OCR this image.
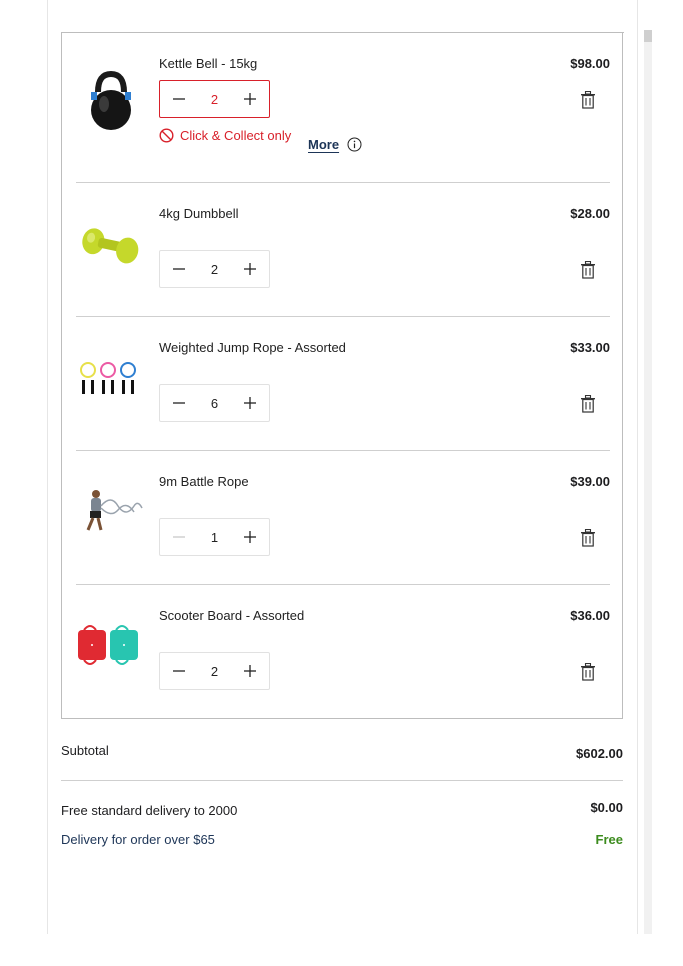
Kettle Bell - 15kg	$98.00
2
Click & Collect only
More
4kg Dumbbell	$28.00
2
Weighted Jump Rope - Assorted	$33.00
6
9m Battle Rope	$39.00
1
Scooter Board - Assorted	$36.00
2
Subtotal	$602.00
Free standard delivery to 2000	$0.00
Delivery for order over $65	Free
